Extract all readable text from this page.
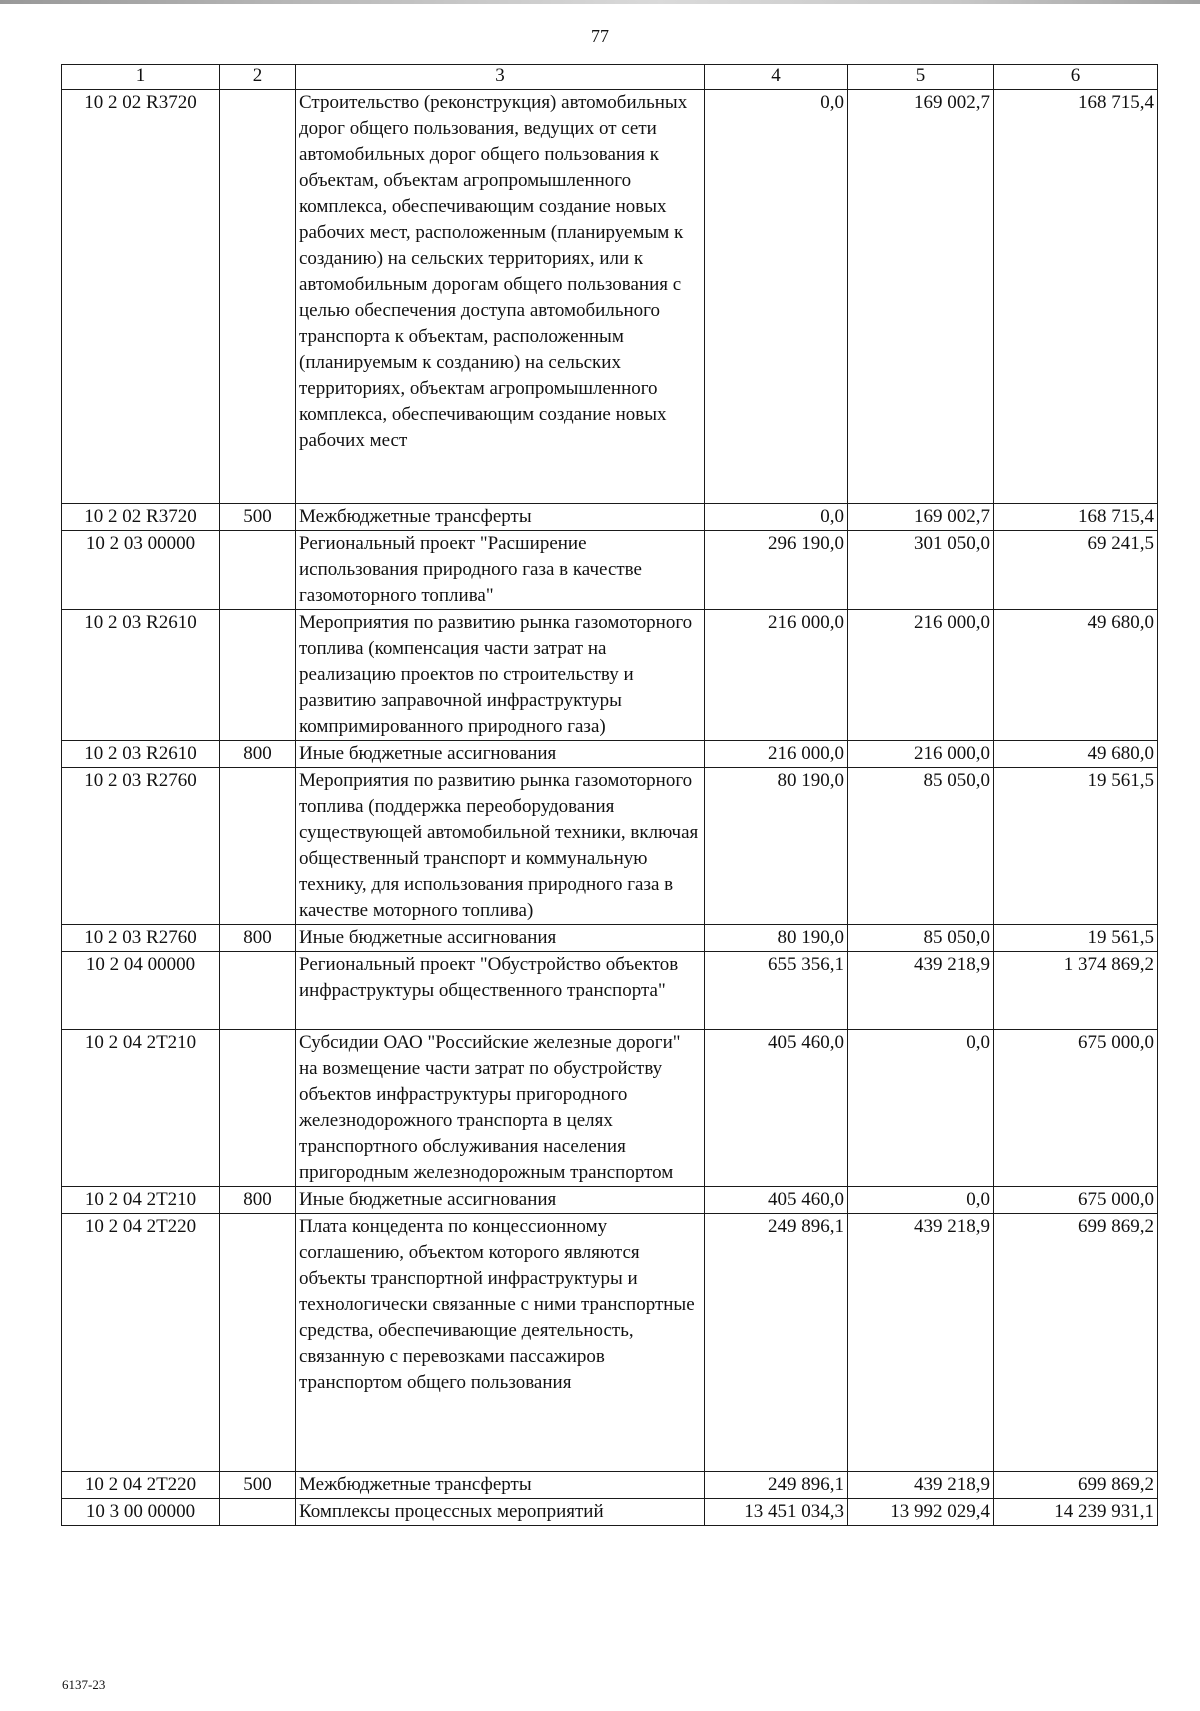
77
1	2	3	4	5	6
10 2 02 R3720		Строительство (реконструкция) автомобильных дорог общего пользования, ведущих от сети автомобильных дорог общего пользования к объектам, объектам агропромышленного комплекса, обеспечивающим создание новых рабочих мест, расположенным (планируемым к созданию) на сельских территориях, или к автомобильным дорогам общего пользования с целью обеспечения доступа автомобильного транспорта к объектам, расположенным (планируемым к созданию) на сельских территориях, объектам агропромышленного комплекса, обеспечивающим создание новых рабочих мест	0,0	169 002,7	168 715,4
10 2 02 R3720	500	Межбюджетные трансферты	0,0	169 002,7	168 715,4
10 2 03 00000		Региональный проект "Расширение использования природного газа в качестве газомоторного топлива"	296 190,0	301 050,0	69 241,5
10 2 03 R2610		Мероприятия по развитию рынка газомоторного топлива (компенсация части затрат на реализацию проектов по строительству и развитию заправочной инфраструктуры компримированного природного газа)	216 000,0	216 000,0	49 680,0
10 2 03 R2610	800	Иные бюджетные ассигнования	216 000,0	216 000,0	49 680,0
10 2 03 R2760		Мероприятия по развитию рынка газомоторного топлива (поддержка переоборудования существующей автомобильной техники, включая общественный транспорт и коммунальную технику, для использования природного газа в качестве моторного топлива)	80 190,0	85 050,0	19 561,5
10 2 03 R2760	800	Иные бюджетные ассигнования	80 190,0	85 050,0	19 561,5
10 2 04 00000		Региональный проект "Обустройство объектов инфраструктуры общественного транспорта"	655 356,1	439 218,9	1 374 869,2
10 2 04 2Т210		Субсидии ОАО "Российские железные дороги" на возмещение части затрат по обустройству объектов инфраструктуры пригородного железнодорожного транспорта в целях транспортного обслуживания населения пригородным железнодорожным транспортом	405 460,0	0,0	675 000,0
10 2 04 2Т210	800	Иные бюджетные ассигнования	405 460,0	0,0	675 000,0
10 2 04 2Т220		Плата концедента по концессионному соглашению, объектом которого являются объекты транспортной инфраструктуры и технологически связанные с ними транспортные средства, обеспечивающие деятельность, связанную с перевозками пассажиров транспортом общего пользования	249 896,1	439 218,9	699 869,2
10 2 04 2Т220	500	Межбюджетные трансферты	249 896,1	439 218,9	699 869,2
10 3 00 00000		Комплексы процессных мероприятий	13 451 034,3	13 992 029,4	14 239 931,1
6137-23
